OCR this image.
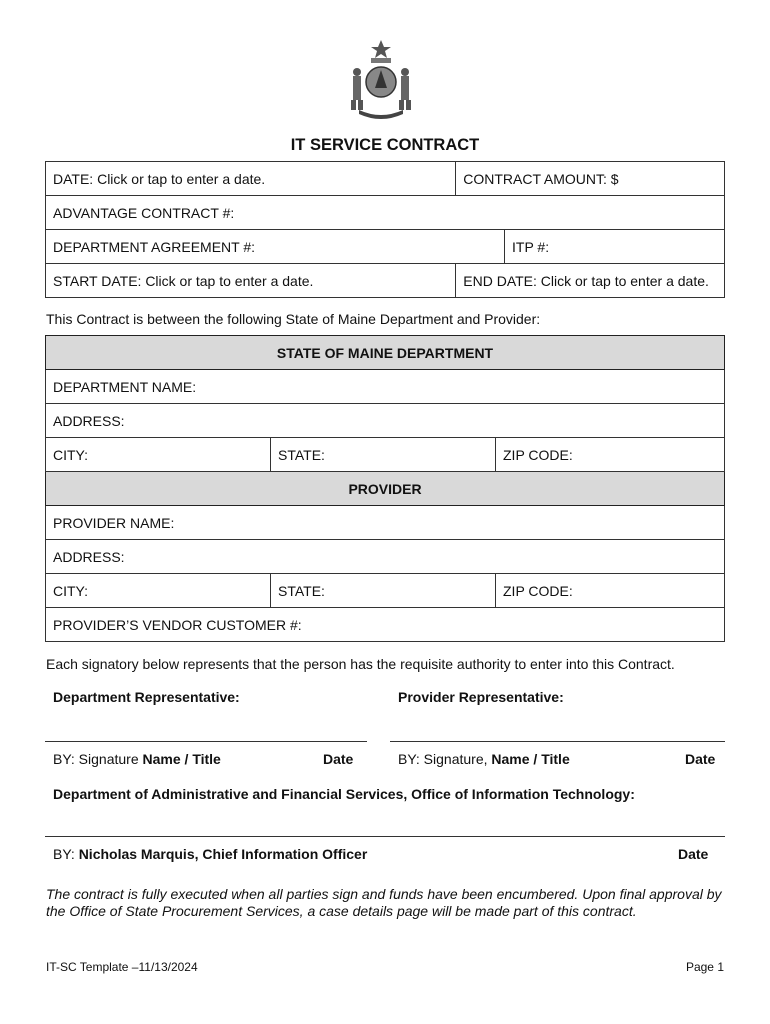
IT SERVICE CONTRACT
DATE: Click or tap to enter a date.	CONTRACT AMOUNT: $	
ADVANTAGE CONTRACT #:		
DEPARTMENT AGREEMENT #:		ITP #:
START DATE: Click or tap to enter a date.	END DATE: Click or tap to enter a date.	
This Contract is between the following State of Maine Department and Provider:
STATE OF MAINE DEPARTMENT		
DEPARTMENT NAME:		
ADDRESS:		
CITY:	STATE:	ZIP CODE:
PROVIDER		
PROVIDER NAME:		
ADDRESS:		
CITY:	STATE:	ZIP CODE:
PROVIDER’S VENDOR CUSTOMER #:		
Each signatory below represents that the person has the requisite authority to enter into this Contract.
Department Representative:	Provider Representative:
BY: Signature Name / Title	Date	BY: Signature, Name / Title	Date
Department of Administrative and Financial Services, Office of Information Technology:
BY: Nicholas Marquis, Chief Information Officer	Date
The contract is fully executed when all parties sign and funds have been encumbered. Upon final approval by the Office of State Procurement Services, a case details page will be made part of this contract.
IT-SC Template –11/13/2024	Page 1
